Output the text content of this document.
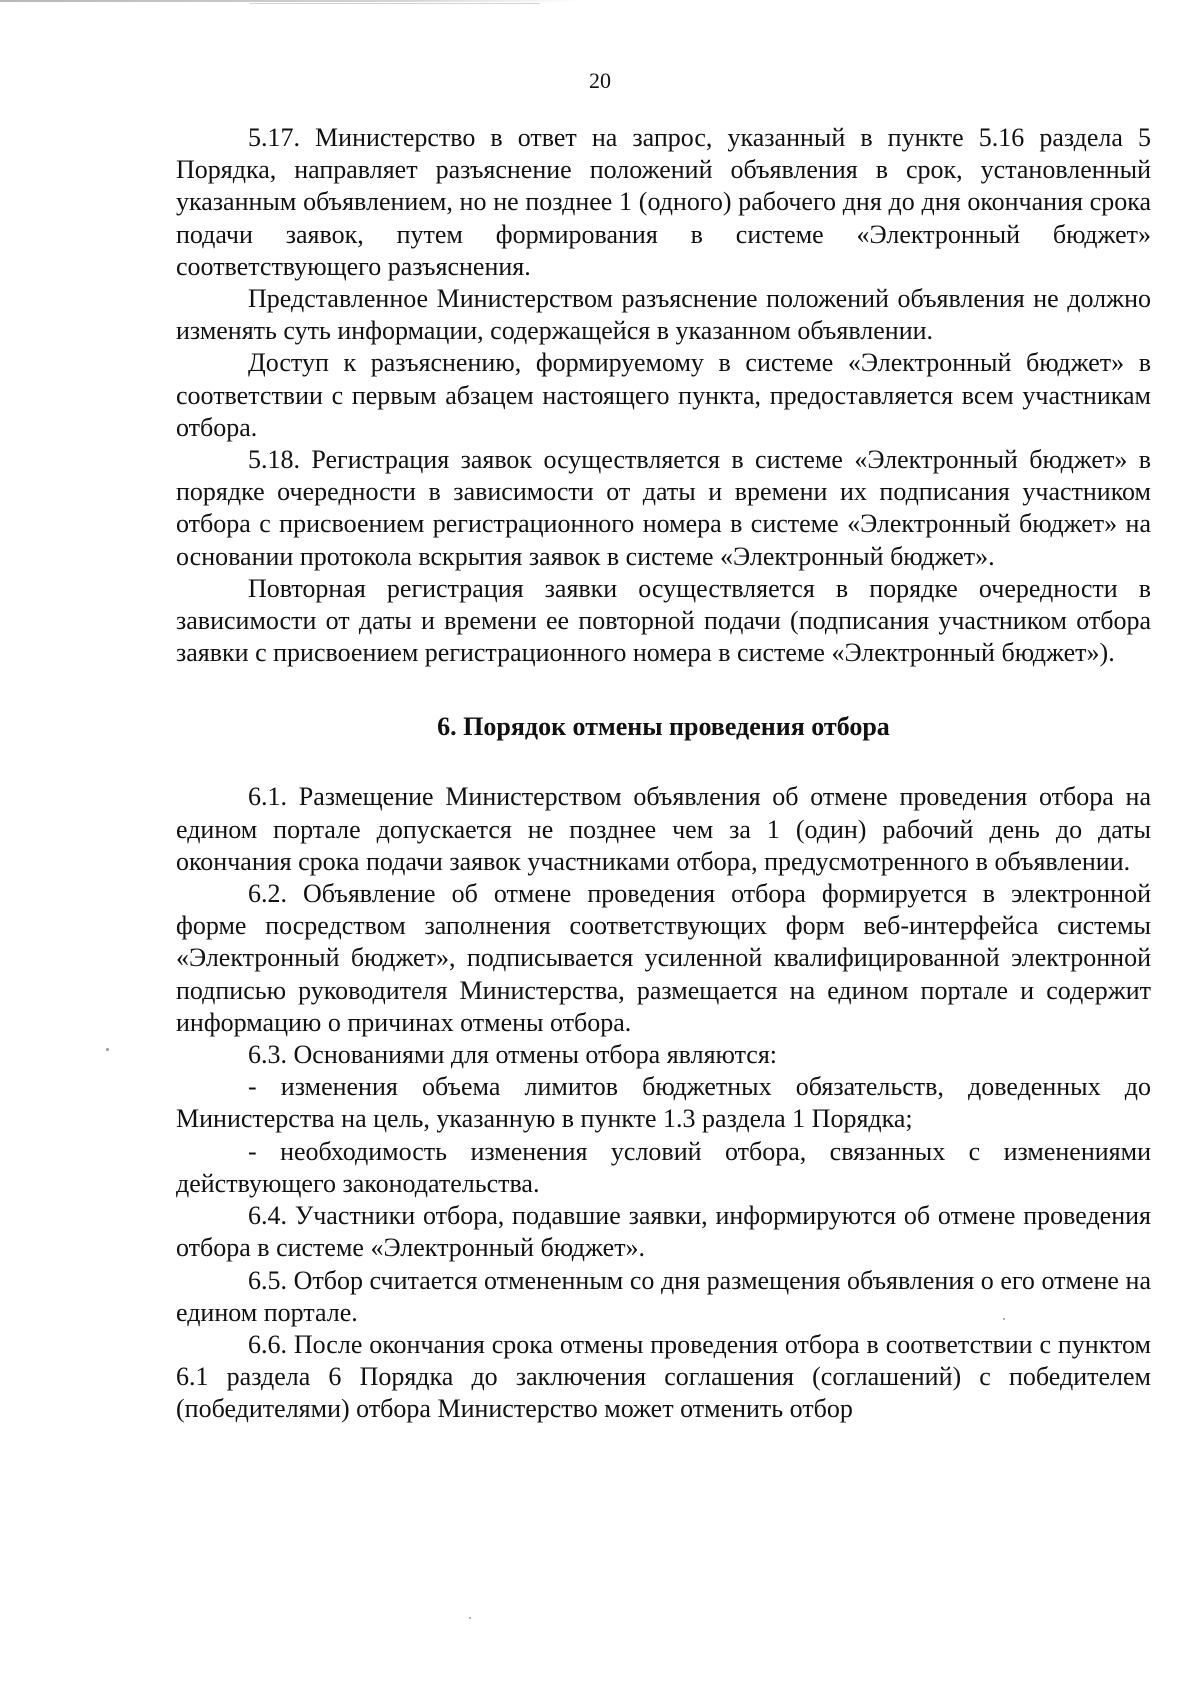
20

5.17. Министерство в ответ на запрос, указанный в пункте 5.16 раздела 5 Порядка, направляет разъяснение положений объявления в срок, установленный указанным объявлением, но не позднее 1 (одного) рабочего дня до дня окончания срока подачи заявок, путем формирования в системе «Электронный бюджет» соответствующего разъяснения.

Представленное Министерством разъяснение положений объявления не должно изменять суть информации, содержащейся в указанном объявлении.

Доступ к разъяснению, формируемому в системе «Электронный бюджет» в соответствии с первым абзацем настоящего пункта, предоставляется всем участникам отбора.

5.18. Регистрация заявок осуществляется в системе «Электронный бюджет» в порядке очередности в зависимости от даты и времени их подписания участником отбора с присвоением регистрационного номера в системе «Электронный бюджет» на основании протокола вскрытия заявок в системе «Электронный бюджет».

Повторная регистрация заявки осуществляется в порядке очередности в зависимости от даты и времени ее повторной подачи (подписания участником отбора заявки с присвоением регистрационного номера в системе «Электронный бюджет»).

6. Порядок отмены проведения отбора

6.1. Размещение Министерством объявления об отмене проведения отбора на едином портале допускается не позднее чем за 1 (один) рабочий день до даты окончания срока подачи заявок участниками отбора, предусмотренного в объявлении.

6.2. Объявление об отмене проведения отбора формируется в электронной форме посредством заполнения соответствующих форм веб-интерфейса системы «Электронный бюджет», подписывается усиленной квалифицированной электронной подписью руководителя Министерства, размещается на едином портале и содержит информацию о причинах отмены отбора.

6.3. Основаниями для отмены отбора являются:

- изменения объема лимитов бюджетных обязательств, доведенных до Министерства на цель, указанную в пункте 1.3 раздела 1 Порядка;

- необходимость изменения условий отбора, связанных с изменениями действующего законодательства.

6.4. Участники отбора, подавшие заявки, информируются об отмене проведения отбора в системе «Электронный бюджет».

6.5. Отбор считается отмененным со дня размещения объявления о его отмене на едином портале.

6.6. После окончания срока отмены проведения отбора в соответствии с пунктом 6.1 раздела 6 Порядка до заключения соглашения (соглашений) с победителем (победителями) отбора Министерство может отменить отбор
